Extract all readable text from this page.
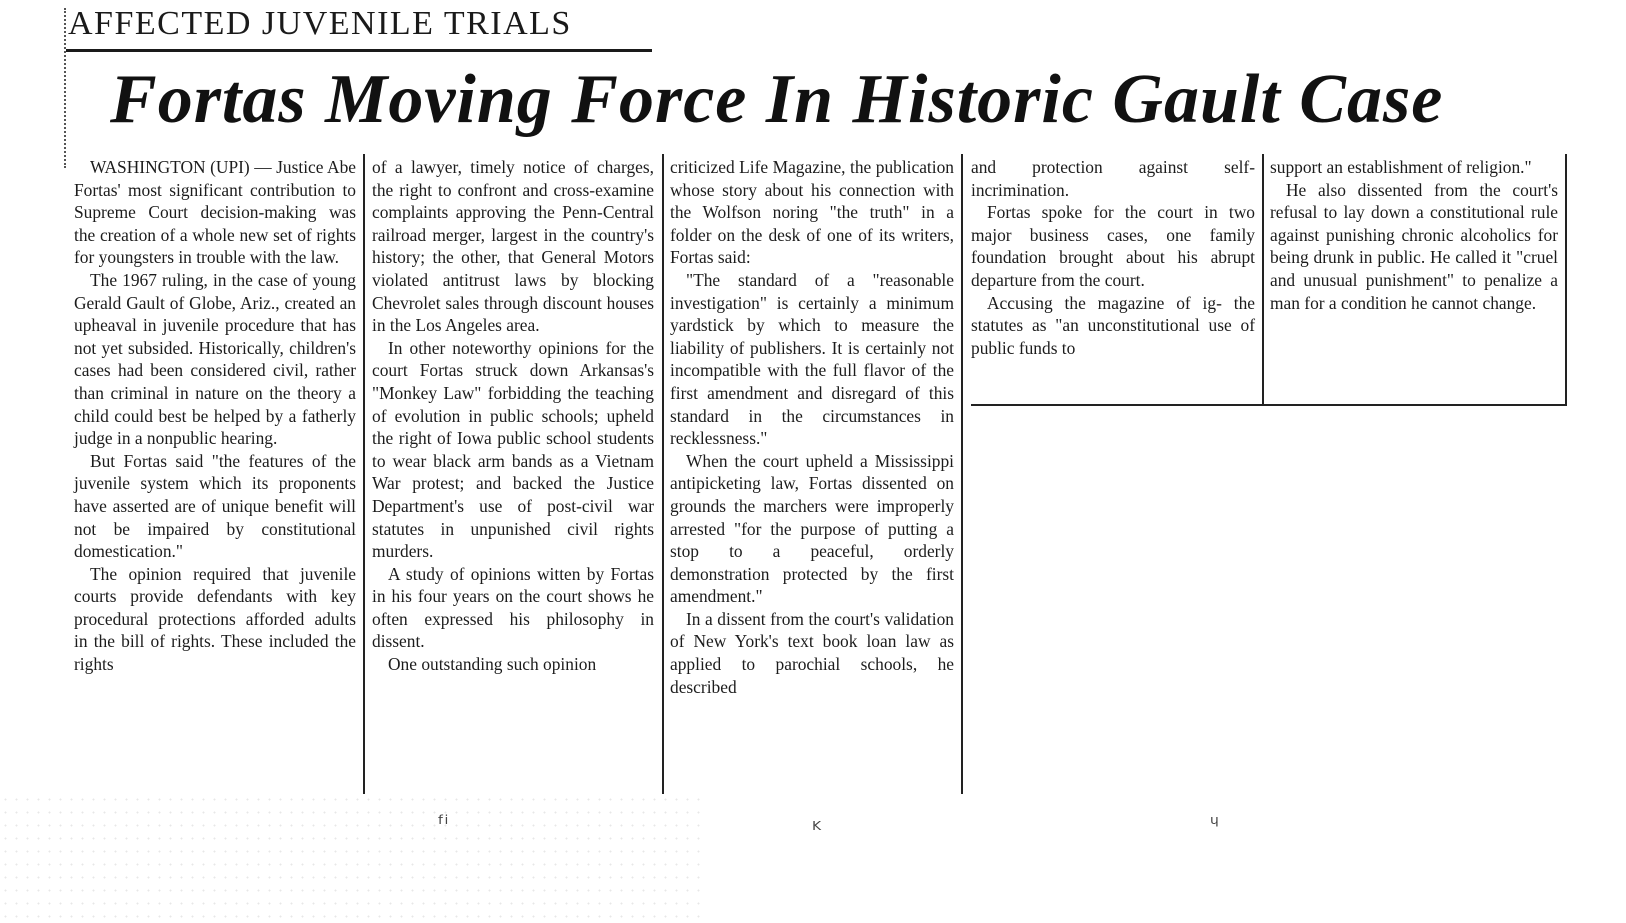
AFFECTED JUVENILE TRIALS
Fortas Moving Force In Historic Gault Case

WASHINGTON (UPI) — Justice Abe Fortas' most significant contribution to Supreme Court decision-making was the creation of a whole new set of rights for youngsters in trouble with the law.

The 1967 ruling, in the case of young Gerald Gault of Globe, Ariz., created an upheaval in juvenile procedure that has not yet subsided. Historically, children's cases had been considered civil, rather than criminal in nature on the theory a child could best be helped by a fatherly judge in a nonpublic hearing.

But Fortas said "the features of the juvenile system which its proponents have asserted are of unique benefit will not be impaired by constitutional domestication."

The opinion required that juvenile courts provide defendants with key procedural protections afforded adults in the bill of rights. These included the rights

of a lawyer, timely notice of charges, the right to confront and cross-examine complaints approving the Penn-Central railroad merger, largest in the country's history; the other, that General Motors violated antitrust laws by blocking Chevrolet sales through discount houses in the Los Angeles area.

In other noteworthy opinions for the court Fortas struck down Arkansas's "Monkey Law" forbidding the teaching of evolution in public schools; upheld the right of Iowa public school students to wear black arm bands as a Vietnam War protest; and backed the Justice Department's use of post-civil war statutes in unpunished civil rights murders.

A study of opinions witten by Fortas in his four years on the court shows he often expressed his philosophy in dissent.

One outstanding such opinion

criticized Life Magazine, the publication whose story about his connection with the Wolfson noring "the truth" in a folder on the desk of one of its writers, Fortas said:

"The standard of a "reasonable investigation" is certainly a minimum yardstick by which to measure the liability of publishers. It is certainly not incompatible with the full flavor of the first amendment and disregard of this standard in the circumstances in recklessness."

When the court upheld a Mississippi antipicketing law, Fortas dissented on grounds the marchers were improperly arrested "for the purpose of putting a stop to a peaceful, orderly demonstration protected by the first amendment."

In a dissent from the court's validation of New York's text book loan law as applied to parochial schools, he described

and protection against self-incrimination.

Fortas spoke for the court in two major business cases, one family foundation brought about his abrupt departure from the court.

Accusing the magazine of ig- the statutes as "an unconstitutional use of public funds to

support an establishment of religion."

He also dissented from the court's refusal to lay down a constitutional rule against punishing chronic alcoholics for being drunk in public. He called it "cruel and unusual punishment" to penalize a man for a condition he cannot change.

ᶠⁱ	ᴷ	ᶣ
